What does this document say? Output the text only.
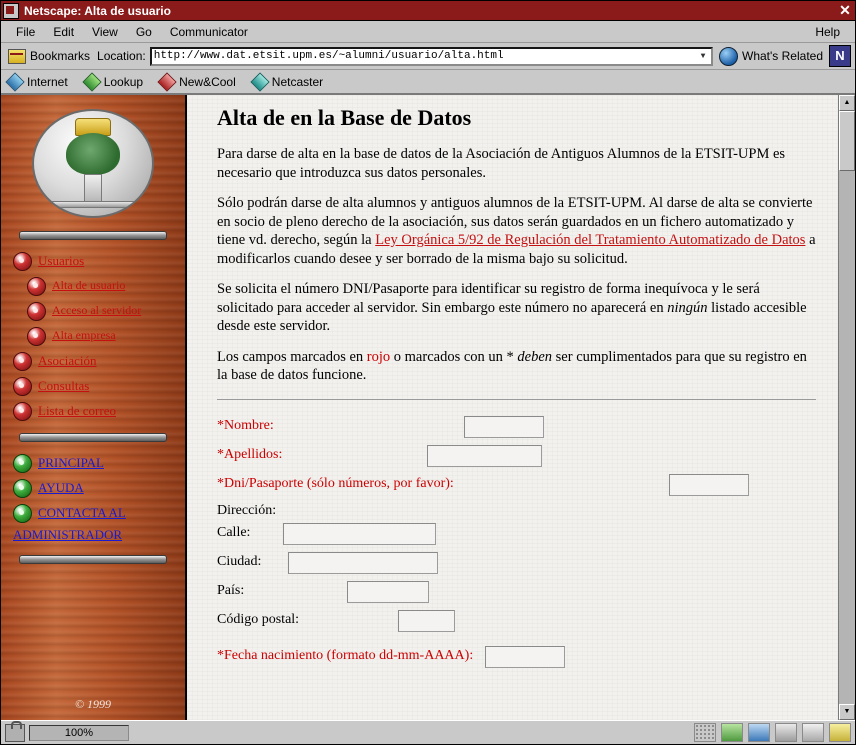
Netscape: Alta de usuario	✕
File	Edit	View	Go	Communicator	Help
Bookmarks Location: http://www.dat.etsit.upm.es/~alumni/usuario/alta.html	▼	What's Related N
Internet	Lookup	New&Cool	Netcaster
Usuarios
Alta de usuario
Acceso al servidor
Alta empresa
Asociación
Consultas
Lista de correo
PRINCIPAL
AYUDA
CONTACTA AL
ADMINISTRADOR
© 1999
Alta de en la Base de Datos

Para darse de alta en la base de datos de la Asociación de Antiguos Alumnos de la ETSIT-UPM es necesario que introduzca sus datos personales.

Sólo podrán darse de alta alumnos y antiguos alumnos de la ETSIT-UPM. Al darse de alta se convierte en socio de pleno derecho de la asociación, sus datos serán guardados en un fichero automatizado y tiene vd. derecho, según la Ley Orgánica 5/92 de Regulación del Tratamiento Automatizado de Datos a modificarlos cuando desee y ser borrado de la misma bajo su solicitud.

Se solicita el número DNI/Pasaporte para identificar su registro de forma inequívoca y le será solicitado para acceder al servidor. Sin embargo este número no aparecerá en ningún listado accesible desde este servidor.

Los campos marcados en rojo o marcados con un * deben ser cumplimentados para que su registro en la base de datos funcione.

*Nombre:
*Apellidos:
*Dni/Pasaporte (sólo números, por favor):
Dirección:
Calle:
Ciudad:
País:
Código postal:
*Fecha nacimiento (formato dd-mm-AAAA):
▲
▼
100%
